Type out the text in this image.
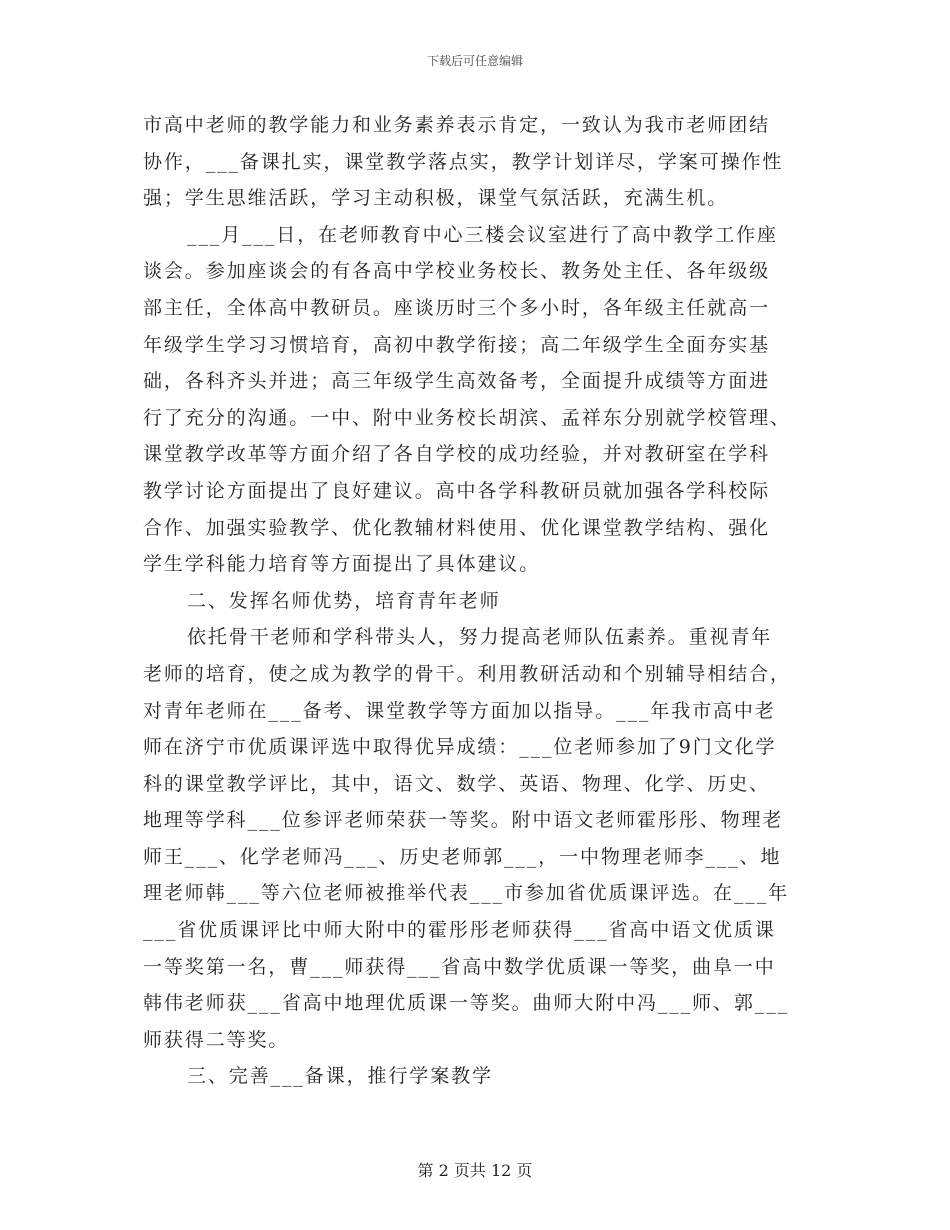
下载后可任意编辑

市高中老师的教学能力和业务素养表示肯定，一致认为我市老师团结
协作，___备课扎实，课堂教学落点实，教学计划详尽，学案可操作性
强；学生思维活跃，学习主动积极，课堂气氛活跃，充满生机。

___月___日，在老师教育中心三楼会议室进行了高中教学工作座
谈会。参加座谈会的有各高中学校业务校长、教务处主任、各年级级
部主任，全体高中教研员。座谈历时三个多小时，各年级主任就高一
年级学生学习习惯培育，高初中教学衔接；高二年级学生全面夯实基
础，各科齐头并进；高三年级学生高效备考，全面提升成绩等方面进
行了充分的沟通。一中、附中业务校长胡滨、孟祥东分别就学校管理、
课堂教学改革等方面介绍了各自学校的成功经验，并对教研室在学科
教学讨论方面提出了良好建议。高中各学科教研员就加强各学科校际
合作、加强实验教学、优化教辅材料使用、优化课堂教学结构、强化
学生学科能力培育等方面提出了具体建议。

二、发挥名师优势，培育青年老师

依托骨干老师和学科带头人，努力提高老师队伍素养。重视青年
老师的培育，使之成为教学的骨干。利用教研活动和个别辅导相结合，
对青年老师在___备考、课堂教学等方面加以指导。___年我市高中老
师在济宁市优质课评选中取得优异成绩：___位老师参加了9门文化学
科的课堂教学评比，其中，语文、数学、英语、物理、化学、历史、
地理等学科___位参评老师荣获一等奖。附中语文老师霍彤彤、物理老
师王___、化学老师冯___、历史老师郭___，一中物理老师李___、地
理老师韩___等六位老师被推举代表___市参加省优质课评选。在___年
___省优质课评比中师大附中的霍彤彤老师获得___省高中语文优质课
一等奖第一名，曹___师获得___省高中数学优质课一等奖，曲阜一中
韩伟老师获___省高中地理优质课一等奖。曲师大附中冯___师、郭___
师获得二等奖。

三、完善___备课，推行学案教学

第 2 页共 12 页
